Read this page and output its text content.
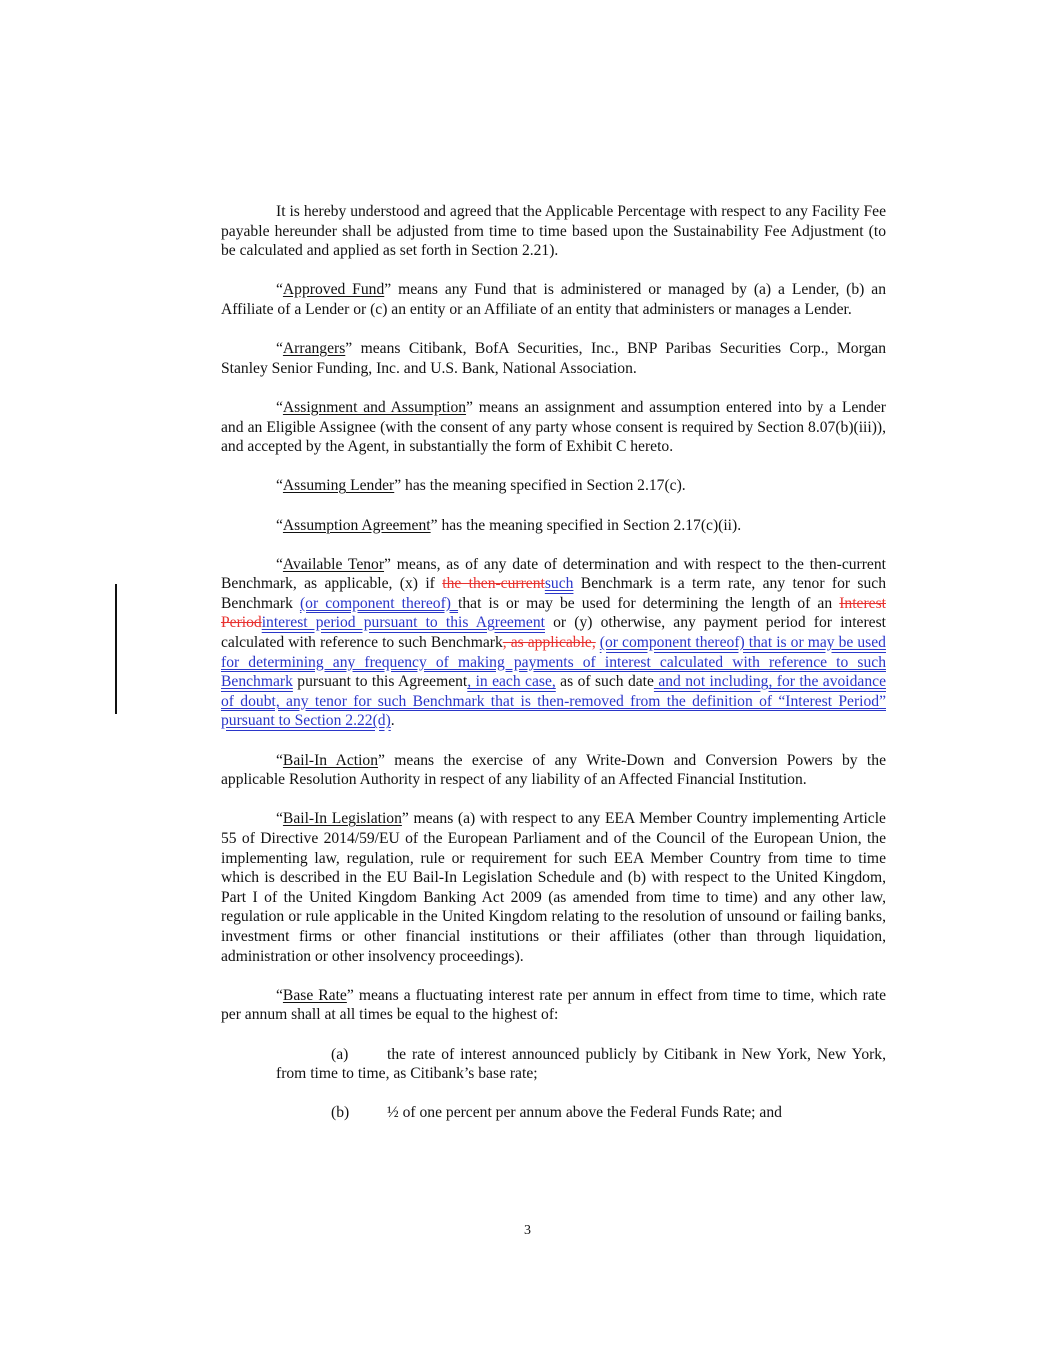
It is hereby understood and agreed that the Applicable Percentage with respect to any Facility Fee payable hereunder shall be adjusted from time to time based upon the Sustainability Fee Adjustment (to be calculated and applied as set forth in Section 2.21).

“Approved Fund” means any Fund that is administered or managed by (a) a Lender, (b) an Affiliate of a Lender or (c) an entity or an Affiliate of an entity that administers or manages a Lender.

“Arrangers” means Citibank, BofA Securities, Inc., BNP Paribas Securities Corp., Morgan Stanley Senior Funding, Inc. and U.S. Bank, National Association.

“Assignment and Assumption” means an assignment and assumption entered into by a Lender and an Eligible Assignee (with the consent of any party whose consent is required by Section 8.07(b)(iii)), and accepted by the Agent, in substantially the form of Exhibit C hereto.

“Assuming Lender” has the meaning specified in Section 2.17(c).

“Assumption Agreement” has the meaning specified in Section 2.17(c)(ii).

“Available Tenor” means, as of any date of determination and with respect to the then-current Benchmark, as applicable, (x) if the then-currentsuch Benchmark is a term rate, any tenor for such Benchmark (or component thereof) that is or may be used for determining the length of an Interest Periodinterest period pursuant to this Agreement or (y) otherwise, any payment period for interest calculated with reference to such Benchmark, as applicable, (or component thereof) that is or may be used for determining any frequency of making payments of interest calculated with reference to such Benchmark pursuant to this Agreement, in each case, as of such date and not including, for the avoidance of doubt, any tenor for such Benchmark that is then-removed from the definition of “Interest Period” pursuant to Section 2.22(d).

“Bail-In Action” means the exercise of any Write-Down and Conversion Powers by the applicable Resolution Authority in respect of any liability of an Affected Financial Institution.

“Bail-In Legislation” means (a) with respect to any EEA Member Country implementing Article 55 of Directive 2014/59/EU of the European Parliament and of the Council of the European Union, the implementing law, regulation, rule or requirement for such EEA Member Country from time to time which is described in the EU Bail-In Legislation Schedule and (b) with respect to the United Kingdom, Part I of the United Kingdom Banking Act 2009 (as amended from time to time) and any other law, regulation or rule applicable in the United Kingdom relating to the resolution of unsound or failing banks, investment firms or other financial institutions or their affiliates (other than through liquidation, administration or other insolvency proceedings).

“Base Rate” means a fluctuating interest rate per annum in effect from time to time, which rate per annum shall at all times be equal to the highest of:

(a) the rate of interest announced publicly by Citibank in New York, New York, from time to time, as Citibank’s base rate;
(b) ½ of one percent per annum above the Federal Funds Rate; and
3
